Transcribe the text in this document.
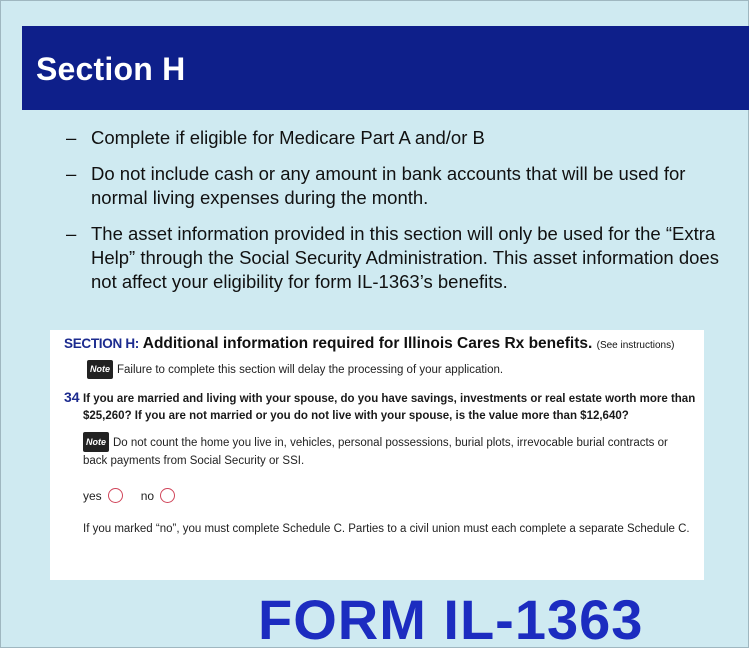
Section H
– Complete if eligible for Medicare Part A and/or B
– Do not include cash or any amount in bank accounts that will be used for normal living expenses during the month.
– The asset information provided in this section will only be used for the “Extra Help” through the Social Security Administration. This asset information does not affect your eligibility for form IL-1363’s benefits.
SECTION H: Additional information required for Illinois Cares Rx benefits. (See instructions)
Note Failure to complete this section will delay the processing of your application.
34 If you are married and living with your spouse, do you have savings, investments or real estate worth more than $25,260? If you are not married or you do not live with your spouse, is the value more than $12,640?
Note Do not count the home you live in, vehicles, personal possessions, burial plots, irrevocable burial contracts or back payments from Social Security or SSI.
yes	no
If you marked “no”, you must complete Schedule C. Parties to a civil union must each complete a separate Schedule C.
FORM IL-1363
